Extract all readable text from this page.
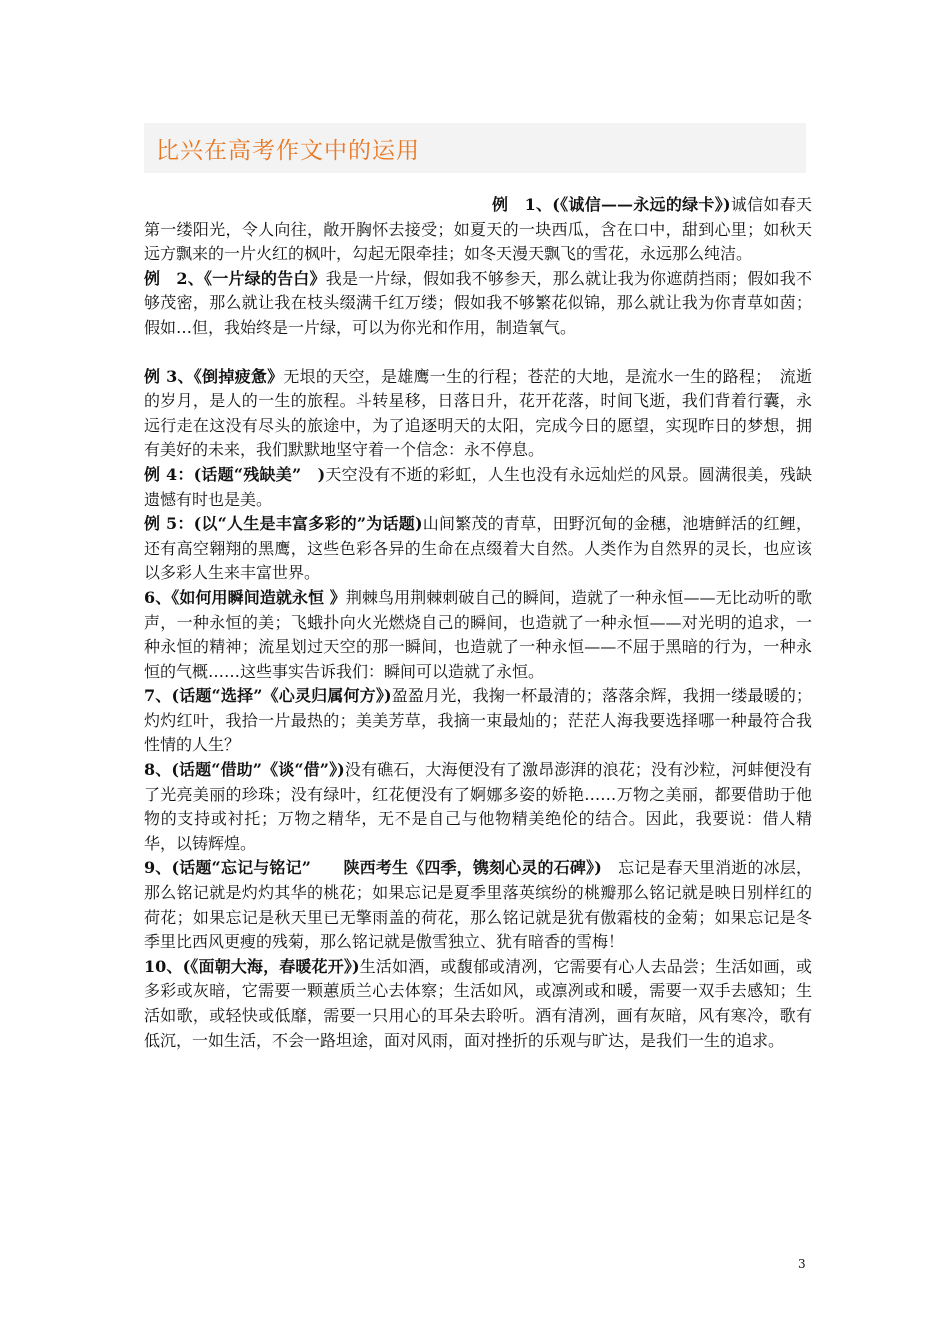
比兴在高考作文中的运用

例　1、(《诚信——永远的绿卡》)诚信如春天第一缕阳光，令人向往，敞开胸怀去接受；如夏天的一块西瓜，含在口中，甜到心里；如秋天远方飘来的一片火红的枫叶，勾起无限牵挂；如冬天漫天飘飞的雪花，永远那么纯洁。

例　2、《一片绿的告白》我是一片绿，假如我不够参天，那么就让我为你遮荫挡雨；假如我不够茂密，那么就让我在枝头缀满千红万缕；假如我不够繁花似锦，那么就让我为你青草如茵；假如…但，我始终是一片绿，可以为你光和作用，制造氧气。

例 3、《倒掉疲惫》无垠的天空，是雄鹰一生的行程；苍茫的大地，是流水一生的路程；　流逝的岁月，是人的一生的旅程。斗转星移，日落日升，花开花落，时间飞逝，我们背着行囊，永远行走在这没有尽头的旅途中，为了追逐明天的太阳，完成今日的愿望，实现昨日的梦想，拥有美好的未来，我们默默地坚守着一个信念：永不停息。

例 4：(话题“残缺美”　)天空没有不逝的彩虹，人生也没有永远灿烂的风景。圆满很美，残缺遗憾有时也是美。

例 5：(以“人生是丰富多彩的”为话题)山间繁茂的青草，田野沉甸的金穗，池塘鲜活的红鲤，还有高空翱翔的黑鹰，这些色彩各异的生命在点缀着大自然。人类作为自然界的灵长，也应该以多彩人生来丰富世界。

6、《如何用瞬间造就永恒 》荆棘鸟用荆棘刺破自己的瞬间，造就了一种永恒——无比动听的歌声，一种永恒的美；飞蛾扑向火光燃烧自己的瞬间，也造就了一种永恒——对光明的追求，一种永恒的精神；流星划过天空的那一瞬间，也造就了一种永恒——不屈于黑暗的行为，一种永恒的气概……这些事实告诉我们：瞬间可以造就了永恒。

7、(话题“选择”《心灵归属何方》)盈盈月光，我掬一杯最清的；落落余辉，我拥一缕最暖的；灼灼红叶，我拾一片最热的；美美芳草，我摘一束最灿的；茫茫人海我要选择哪一种最符合我性情的人生？

8、(话题“借助”《谈“借”》)没有礁石，大海便没有了激昂澎湃的浪花；没有沙粒，河蚌便没有了光亮美丽的珍珠；没有绿叶，红花便没有了婀娜多姿的娇艳……万物之美丽，都要借助于他物的支持或衬托；万物之精华，无不是自己与他物精美绝伦的结合。因此，我要说：借人精华，以铸辉煌。

9、(话题“忘记与铭记”　　陕西考生《四季，镌刻心灵的石碑》)　忘记是春天里消逝的冰层，那么铭记就是灼灼其华的桃花；如果忘记是夏季里落英缤纷的桃瓣那么铭记就是映日别样红的荷花；如果忘记是秋天里已无擎雨盖的荷花，那么铭记就是犹有傲霜枝的金菊；如果忘记是冬季里比西风更瘦的残菊，那么铭记就是傲雪独立、犹有暗香的雪梅！

10、(《面朝大海，春暖花开》)生活如酒，或馥郁或清冽，它需要有心人去品尝；生活如画，或多彩或灰暗，它需要一颗蕙质兰心去体察；生活如风，或凛冽或和暖，需要一双手去感知；生活如歌，或轻快或低靡，需要一只用心的耳朵去聆听。酒有清冽，画有灰暗，风有寒冷，歌有低沉，一如生活，不会一路坦途，面对风雨，面对挫折的乐观与旷达，是我们一生的追求。

3
